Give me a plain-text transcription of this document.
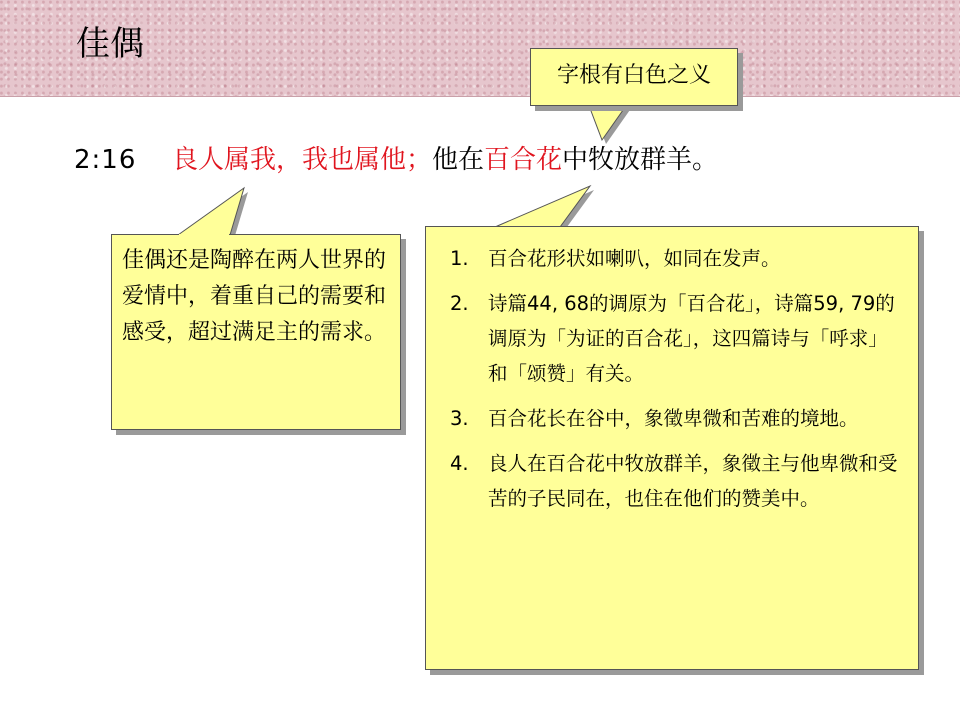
佳偶
字根有白色之义
2:16 良人属我，我也属他；他在百合花中牧放群羊。
佳偶还是陶醉在两人世界的爱情中，着重自己的需要和感受，超过满足主的需求。
1. 百合花形状如喇叭，如同在发声。
2. 诗篇44, 68的调原为「百合花」，诗篇59, 79的调原为「为证的百合花」，这四篇诗与「呼求」和「颂赞」有关。
3. 百合花长在谷中，象徵卑微和苦难的境地。
4. 良人在百合花中牧放群羊，象徵主与他卑微和受苦的子民同在，也住在他们的赞美中。
